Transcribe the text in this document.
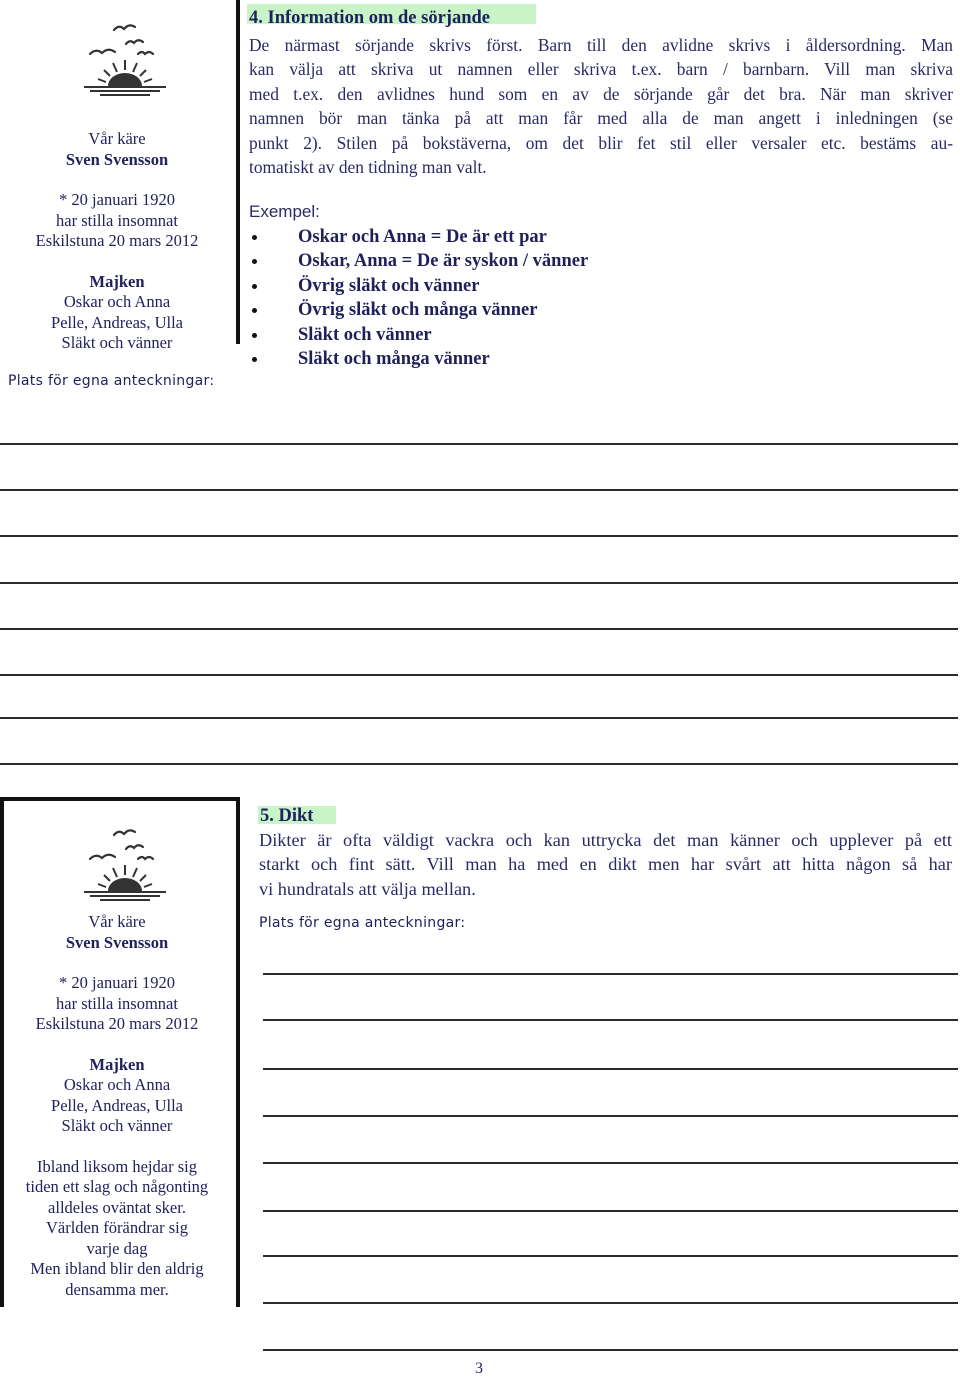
Vår käre
Sven Svensson
* 20 januari 1920
har stilla insomnat
Eskilstuna 20 mars 2012
Majken
Oskar och Anna
Pelle, Andreas, Ulla
Släkt och vänner
Plats för egna anteckningar:
4. Information om de sörjande
De närmast sörjande skrivs först. Barn till den avlidne skrivs i åldersordning. Man
kan välja att skriva ut namnen eller skriva t.ex. barn / barnbarn. Vill man skriva
med t.ex. den avlidnes hund som en av de sörjande går det bra. När man skriver
namnen bör man tänka på att man får med alla de man angett i inledningen (se
punkt 2). Stilen på bokstäverna, om det blir fet stil eller versaler etc. bestäms au-
tomatiskt av den tidning man valt.
Exempel:
Oskar och Anna = De är ett par
Oskar, Anna = De är syskon / vänner
Övrig släkt och vänner
Övrig släkt och många vänner
Släkt och vänner
Släkt och många vänner
Vår käre
Sven Svensson
* 20 januari 1920
har stilla insomnat
Eskilstuna 20 mars 2012
Majken
Oskar och Anna
Pelle, Andreas, Ulla
Släkt och vänner
Ibland liksom hejdar sig
tiden ett slag och någonting
alldeles oväntat sker.
Världen förändrar sig
varje dag
Men ibland blir den aldrig
densamma mer.
5. Dikt
Dikter är ofta väldigt vackra och kan uttrycka det man känner och upplever på ett
starkt och fint sätt. Vill man ha med en dikt men har svårt att hitta någon så har
vi hundratals att välja mellan.
Plats för egna anteckningar:
3
